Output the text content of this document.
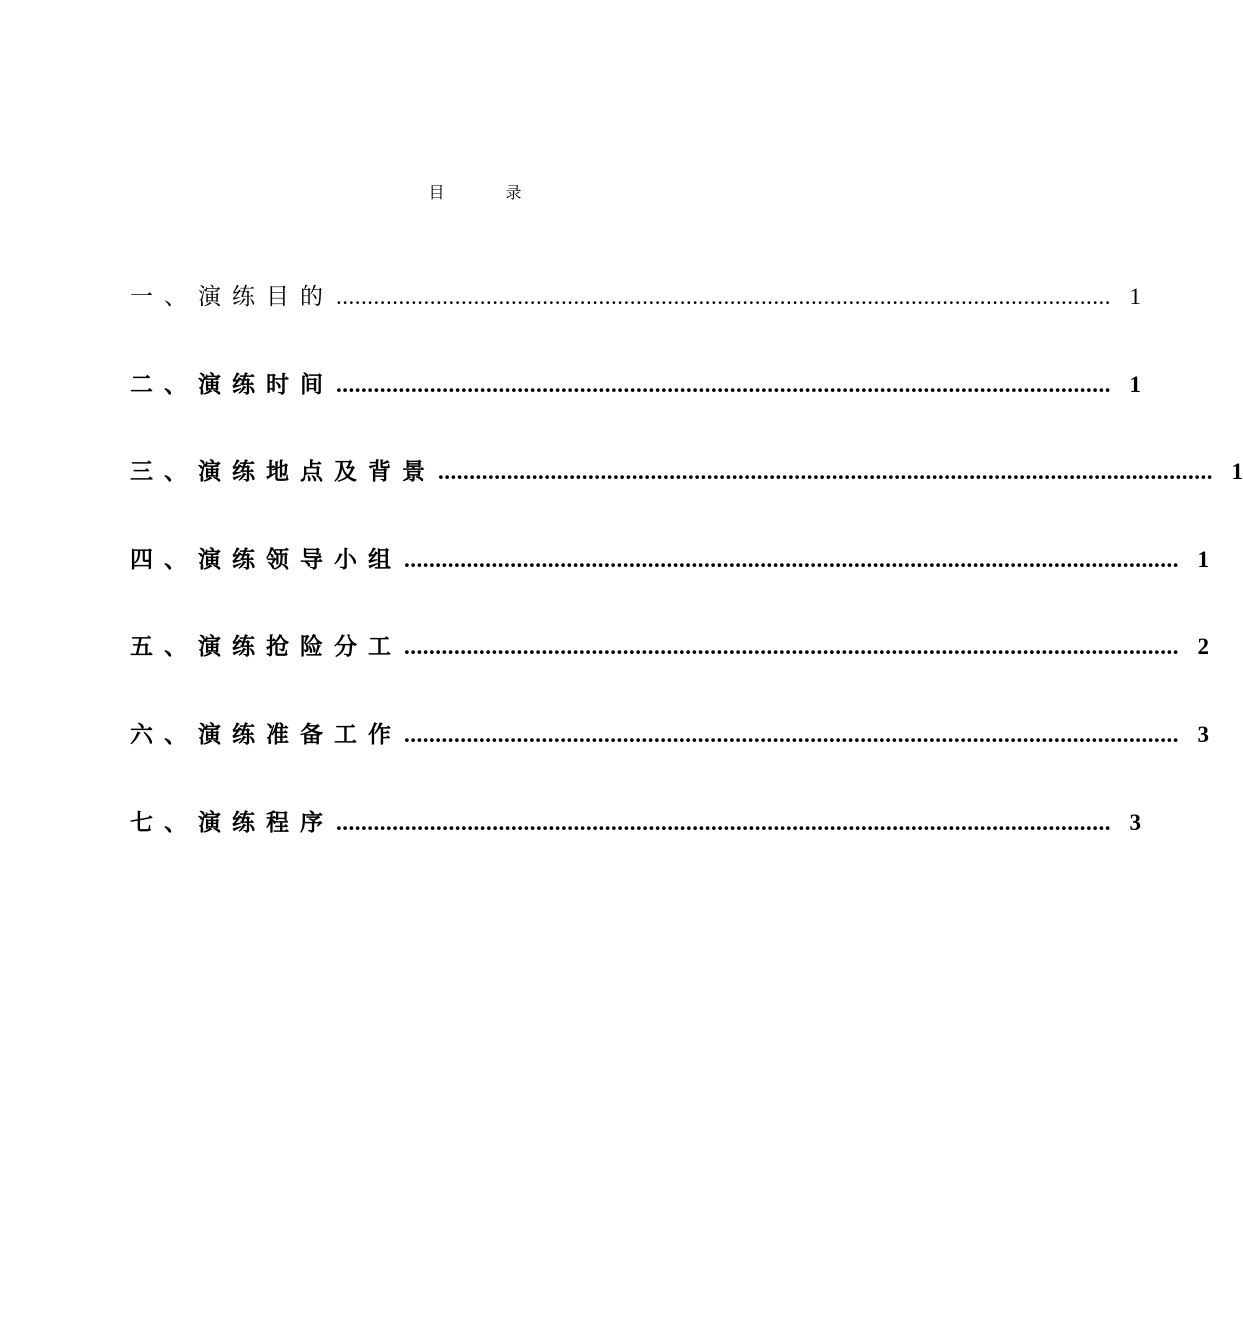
目 录
一、演练目的 ............................................................................................................................ 1
二、演练时间 ............................................................................................................................ 1
三、演练地点及背景 ............................................................................................................................ 1
四、演练领导小组 ............................................................................................................................ 1
五、演练抢险分工 ............................................................................................................................ 2
六、演练准备工作 ............................................................................................................................ 3
七、演练程序 ............................................................................................................................ 3
